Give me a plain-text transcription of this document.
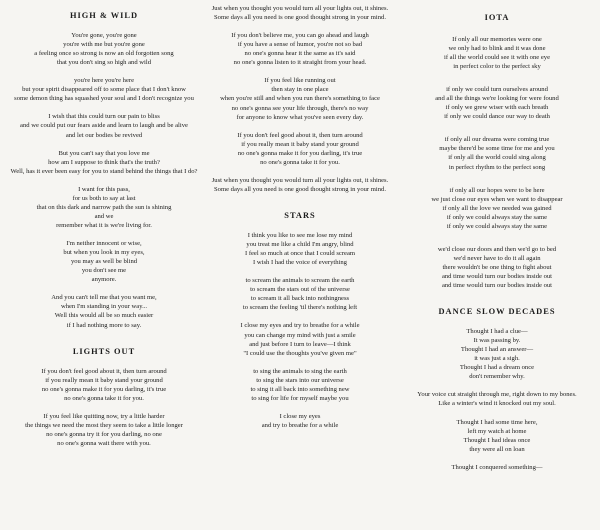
HIGH & WILD
You're gone, you're gone
you're with me but you're gone
a feeling once so strong is now an old forgotten song
that you don't sing so high and wild
you're here you're here
but your spirit disappeared off to some place that I don't know
some demon thing has squashed your soul and I don't recognize you
I wish that this could turn our pain to bliss
and we could put our fears aside and learn to laugh and be alive
and let our bodies be revived
But you can't say that you love me
how am I suppose to think that's the truth?
Well, has it ever been easy for you to stand behind the things that I do?
I want for this pass,
for us both to say at last
that on this dark and narrow path the sun is shining
and we
remember what it is we're living for.
I'm neither innocent or wise,
but when you look in my eyes,
you may as well be blind
you don't see me
anymore.
And you can't tell me that you want me,
when I'm standing in your way...
Well this would all be so much easier
if I had nothing more to say.
LIGHTS OUT
If you don't feel good about it, then turn around
if you really mean it baby stand your ground
no one's gonna make it for you darling, it's true
no one's gonna take it for you.
If you feel like quitting now, try a little harder
the things we need the most they seem to take a little longer
no one's gonna try it for you darling, no one
no one's gonna wait there with you.
Just when you thought you would turn all your lights out, it shines.
Some days all you need is one good thought strong in your mind.
If you don't believe me, you can go ahead and laugh
if you have a sense of humor, you're not so bad
no one's gonna hear it the same as it's said
no one's gonna listen to it straight from your head.
If you feel like running out
then stay in one place
when you're still and when you run there's something to face
no one's gonna see your life through, there's no way
for anyone to know what you've seen every day.
If you don't feel good about it, then turn around
if you really mean it baby stand your ground
no one's gonna make it for you darling, it's true
no one's gonna take it for you.
Just when you thought you would turn all your lights out, it shines.
Some days all you need is one good thought strong in your mind.
STARS
I think you like to see me lose my mind
you treat me like a child I'm angry, blind
I feel so much at once that I could scream
I wish I had the voice of everything
to scream the animals to scream the earth
to scream the stars out of the universe
to scream it all back into nothingness
to scream the feeling 'til there's nothing left
I close my eyes and try to breathe for a while
you can change my mind with just a smile
and just before I turn to leave—I think
"I could use the thoughts you've given me"
to sing the animals to sing the earth
to sing the stars into our universe
to sing it all back into something new
to sing for life for myself maybe you
I close my eyes
and try to breathe for a while
IOTA
If only all our memories were one
we only had to blink and it was done
if all the world could see it with one eye
in perfect color to the perfect sky
if only we could turn ourselves around
and all the things we're looking for were found
if only we grew wiser with each breath
if only we could dance our way to death
if only all our dreams were coming true
maybe there'd be some time for me and you
if only all the world could sing along
in perfect rhythm to the perfect song
if only all our hopes were to be here
we just close our eyes when we want to disappear
if only all the love we needed was gained
if only we could always stay the same
if only we could always stay the same
we'd close our doors and then we'd go to bed
we'd never have to do it all again
there wouldn't be one thing to fight about
and time would turn our bodies inside out
and time would turn our bodies inside out
DANCE SLOW DECADES
Thought I had a clue—
It was passing by.
Thought I had an answer—
it was just a sigh.
Thought I had a dream once
don't remember why.
Your voice cut straight through me, right down to my bones.
Like a winter's wind it knocked out my soul.
Thought I had some time here,
left my watch at home
Thought I had ideas once
they were all on loan
Thought I conquered something—
